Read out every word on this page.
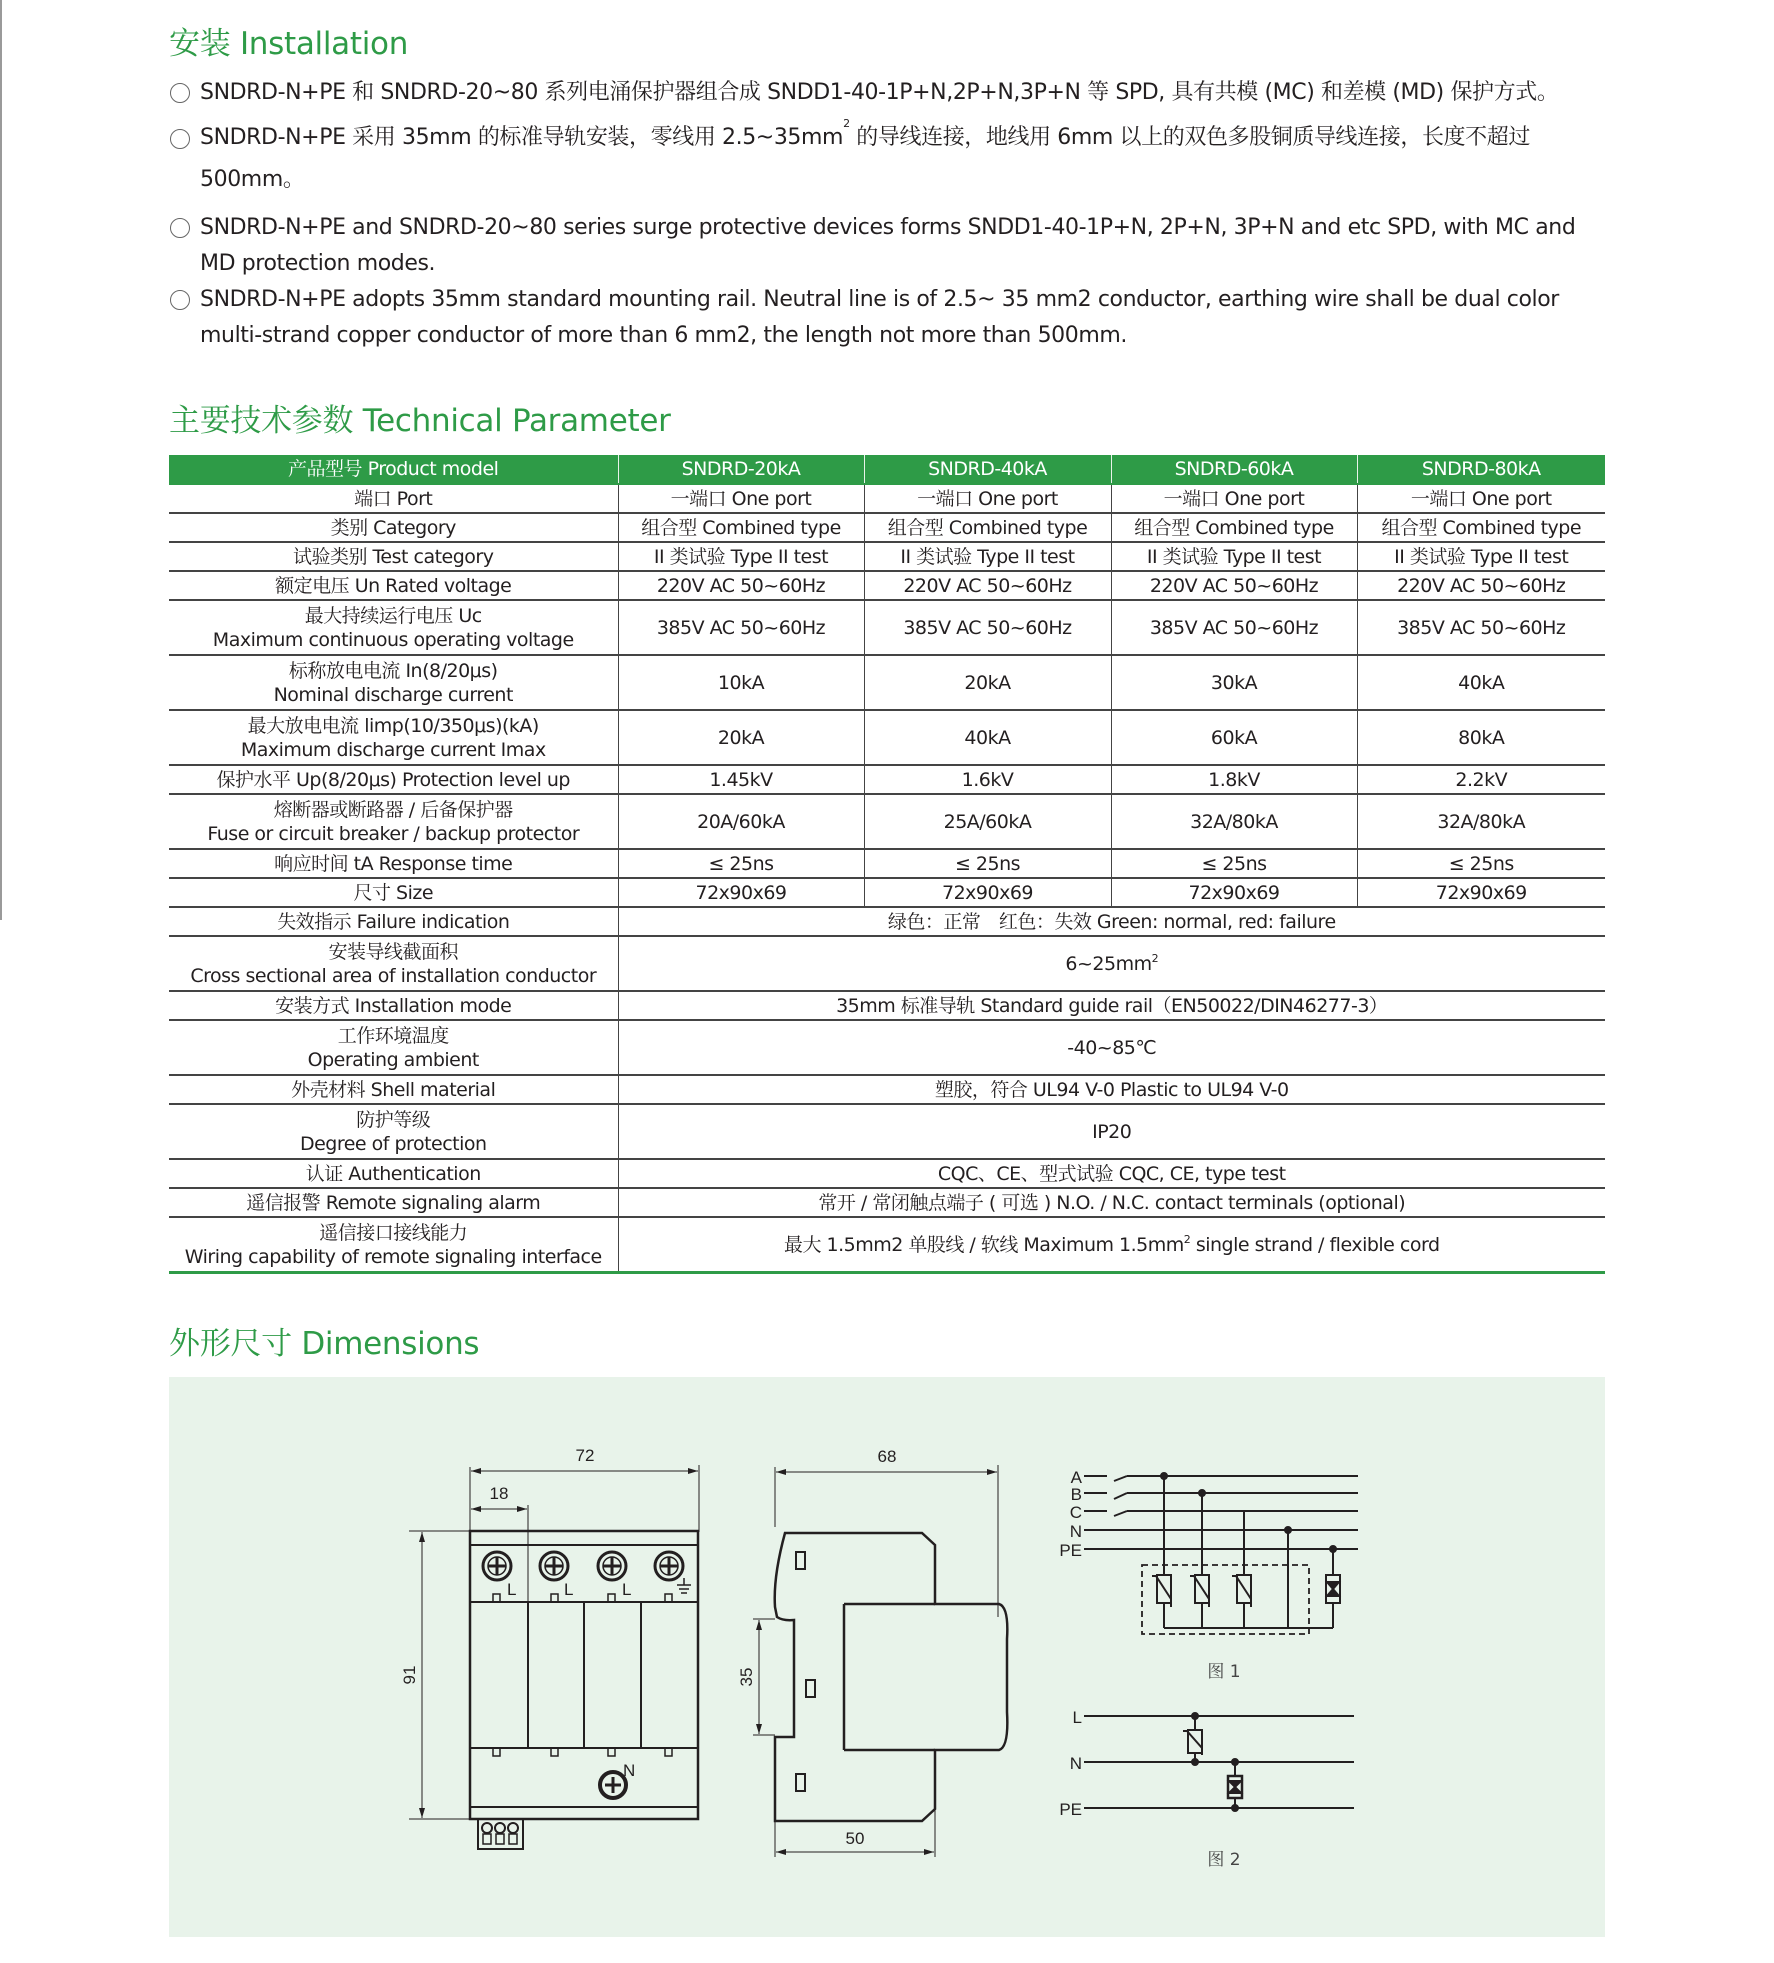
安装 Installation
SNDRD-N+PE 和 SNDRD-20~80 系列电涌保护器组合成 SNDD1-40-1P+N,2P+N,3P+N 等 SPD, 具有共模 (MC) 和差模 (MD) 保护方式。
SNDRD-N+PE 采用 35mm 的标准导轨安装，零线用 $2.5\sim 35mm^2$ 的导线连接，地线用 6mm 以上的双色多股铜质导线连接，长度不超过 500mm。
SNDRD-N+PE and SNDRD-20~80 series surge protective devices forms SNDD1-40-1P+N, 2P+N, 3P+N and etc SPD, with MC and MD protection modes.
SNDRD-N+PE adopts 35mm standard mounting rail. Neutral line is of 2.5~ 35 mm2 conductor, earthing wire shall be dual color multi-strand copper conductor of more than 6 mm2, the length not more than 500mm.
主要技术参数 Technical Parameter
产品型号 Product model	SNDRD-20kA	SNDRD-40kA	SNDRD-60kA	SNDRD-80kA

端口 Port	一端口 One port	一端口 One port	一端口 One port	一端口 One port

类别 Category	组合型 Combined type	组合型 Combined type	组合型 Combined type	组合型 Combined type

试验类别 Test category	II 类试验 Type II test	II 类试验 Type II test	II 类试验 Type II test	II 类试验 Type II test

额定电压 Un Rated voltage	220V AC 50~60Hz	220V AC 50~60Hz	220V AC 50~60Hz	220V AC 50~60Hz

最大持续运行电压 Uc
Maximum continuous operating voltage	385V AC 50~60Hz	385V AC 50~60Hz	385V AC 50~60Hz	385V AC 50~60Hz

标称放电电流 In(8/20μs)
Nominal discharge current	10kA	20kA	30kA	40kA

最大放电电流 limp(10/350μs)(kA)
Maximum discharge current Imax	20kA	40kA	60kA	80kA

保护水平 Up(8/20μs) Protection level up	1.45kV	1.6kV	1.8kV	2.2kV

熔断器或断路器 / 后备保护器
Fuse or circuit breaker / backup protector	20A/60kA	25A/60kA	32A/80kA	32A/80kA

响应时间 tA Response time	≤ 25ns	≤ 25ns	≤ 25ns	≤ 25ns

尺寸 Size	72x90x69	72x90x69	72x90x69	72x90x69

失效指示 Failure indication	绿色：正常　红色：失效 Green: normal, red: failure			

安装导线截面积
Cross sectional area of installation conductor	$6\sim 25mm^2$

安装方式 Installation mode	35mm 标准导轨 Standard guide rail（EN50022/DIN46277-3）			

工作环境温度
Operating ambient	-40~85℃			

外壳材料 Shell material	塑胶，符合 UL94 V-0 Plastic to UL94 V-0			

防护等级
Degree of protection	IP20			

认证 Authentication	CQC、CE、型式试验 CQC, CE, type test			

遥信报警 Remote signaling alarm	常开 / 常闭触点端子 ( 可选 ) N.O. / N.C. contact terminals (optional)			

遥信接口接线能力
Wiring capability of remote signaling interface	最大 1.5mm2 单股线 / 软线 Maximum $1.5mm^2$ single strand / flexible cord			
外形尺寸 Dimensions
72
18
91
L	L	L
N
68
35
50
A
B
C
N
PE
图 1
L
N
PE
图 2
